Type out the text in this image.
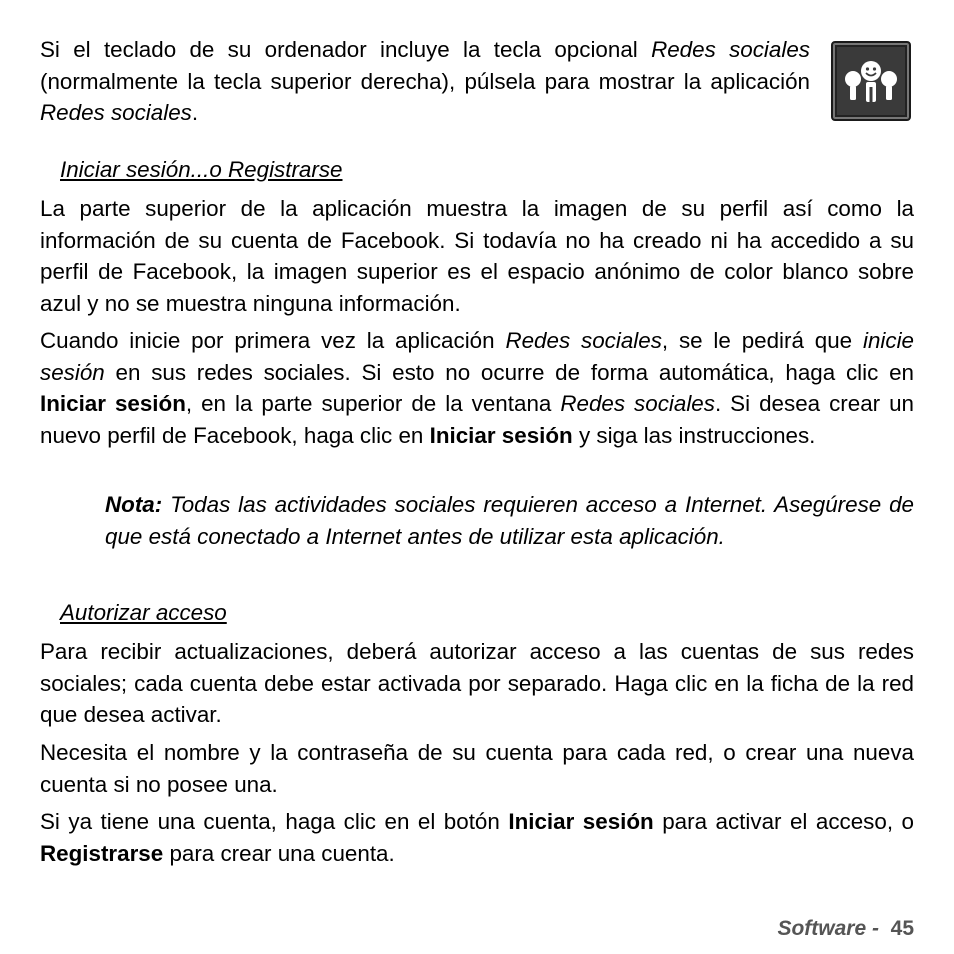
Si el teclado de su ordenador incluye la tecla opcional Redes sociales (normalmente la tecla superior derecha), púlsela para mostrar la aplicación Redes sociales.

Iniciar sesión...o Registrarse

La parte superior de la aplicación muestra la imagen de su perfil así como la información de su cuenta de Facebook. Si todavía no ha creado ni ha accedido a su perfil de Facebook, la imagen superior es el espacio anónimo de color blanco sobre azul y no se muestra ninguna información.

Cuando inicie por primera vez la aplicación Redes sociales, se le pedirá que inicie sesión en sus redes sociales. Si esto no ocurre de forma automática, haga clic en Iniciar sesión, en la parte superior de la ventana Redes sociales. Si desea crear un nuevo perfil de Facebook, haga clic en Iniciar sesión y siga las instrucciones.

Nota: Todas las actividades sociales requieren acceso a Internet. Asegúrese de que está conectado a Internet antes de utilizar esta aplicación.

Autorizar acceso

Para recibir actualizaciones, deberá autorizar acceso a las cuentas de sus redes sociales; cada cuenta debe estar activada por separado. Haga clic en la ficha de la red que desea activar.

Necesita el nombre y la contraseña de su cuenta para cada red, o crear una nueva cuenta si no posee una.

Si ya tiene una cuenta, haga clic en el botón Iniciar sesión para activar el acceso, o Registrarse para crear una cuenta.

Software - 45
